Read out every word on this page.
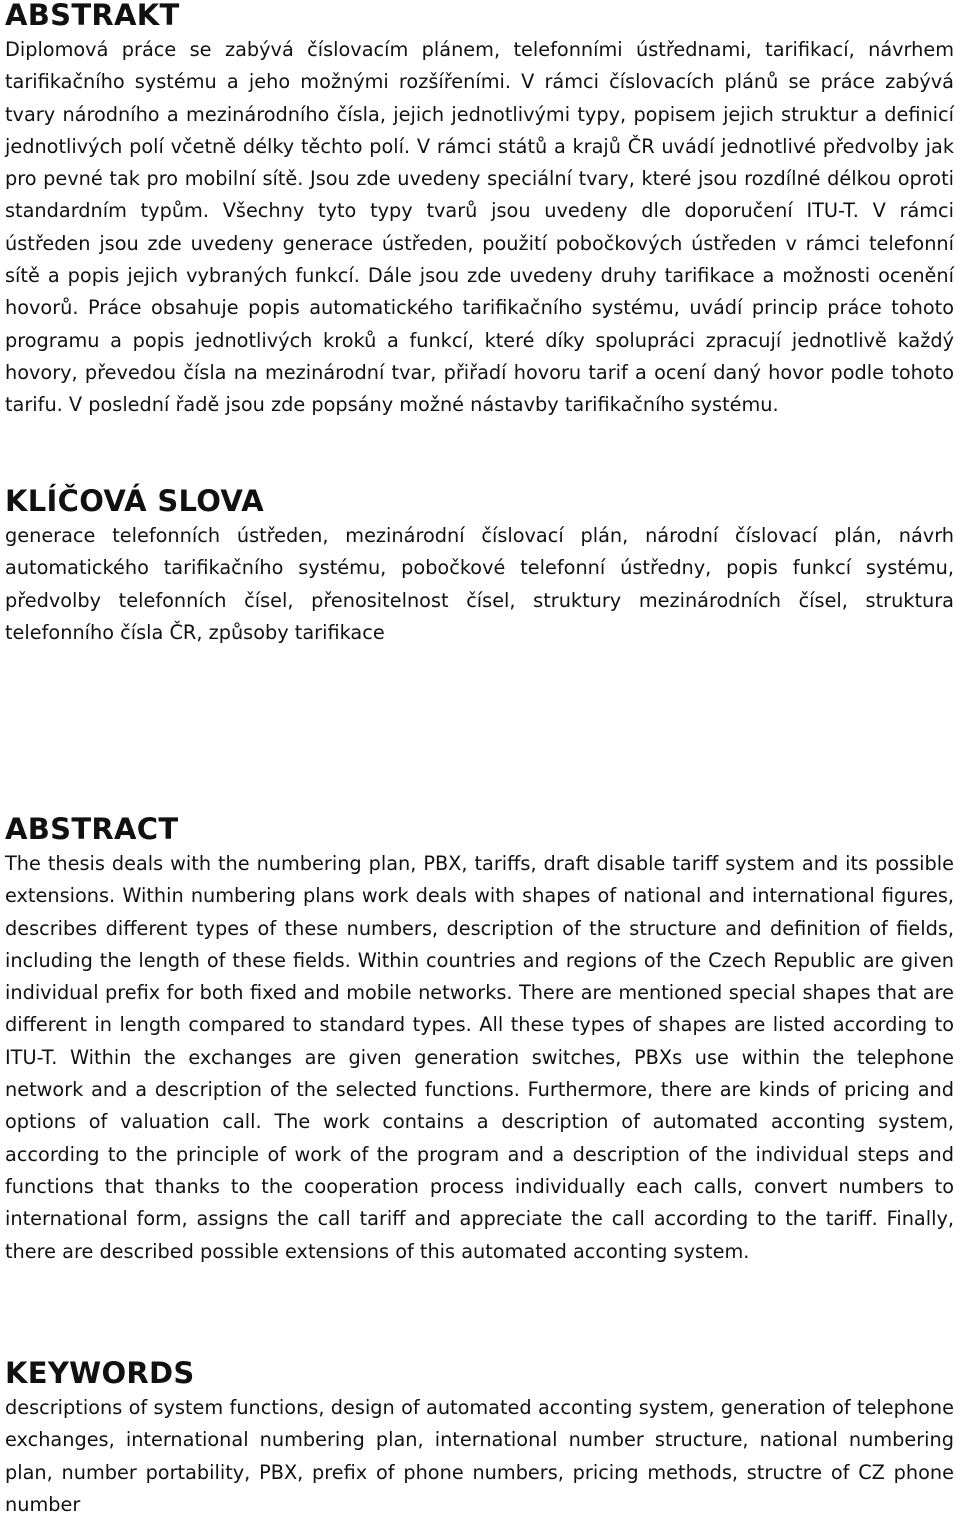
ABSTRAKT

Diplomová práce se zabývá číslovacím plánem, telefonními ústřednami, tarifikací, návrhem tarifikačního systému a jeho možnými rozšířeními. V rámci číslovacích plánů se práce zabývá tvary národního a mezinárodního čísla, jejich jednotlivými typy, popisem jejich struktur a definicí jednotlivých polí včetně délky těchto polí. V rámci států a krajů ČR uvádí jednotlivé předvolby jak pro pevné tak pro mobilní sítě. Jsou zde uvedeny speciální tvary, které jsou rozdílné délkou oproti standardním typům. Všechny tyto typy tvarů jsou uvedeny dle doporučení ITU-T. V rámci ústředen jsou zde uvedeny generace ústředen, použití pobočkových ústředen v rámci telefonní sítě a popis jejich vybraných funkcí. Dále jsou zde uvedeny druhy tarifikace a možnosti ocenění hovorů. Práce obsahuje popis automatického tarifikačního systému, uvádí princip práce tohoto programu a popis jednotlivých kroků a funkcí, které díky spolupráci zpracují jednotlivě každý hovory, převedou čísla na mezinárodní tvar, přiřadí hovoru tarif a ocení daný hovor podle tohoto tarifu. V poslední řadě jsou zde popsány možné nástavby tarifikačního systému.

KLÍČOVÁ SLOVA

generace telefonních ústředen, mezinárodní číslovací plán, národní číslovací plán, návrh automatického tarifikačního systému, pobočkové telefonní ústředny, popis funkcí systému, předvolby telefonních čísel, přenositelnost čísel, struktury mezinárodních čísel, struktura telefonního čísla ČR, způsoby tarifikace

ABSTRACT

The thesis deals with the numbering plan, PBX, tariffs, draft disable tariff system and its possible extensions. Within numbering plans work deals with shapes of national and international figures, describes different types of these numbers, description of the structure and definition of fields, including the length of these fields. Within countries and regions of the Czech Republic are given individual prefix for both fixed and mobile networks. There are mentioned special shapes that are different in length compared to standard types. All these types of shapes are listed according to ITU-T. Within the exchanges are given generation switches, PBXs use within the telephone network and a description of the selected functions. Furthermore, there are kinds of pricing and options of valuation call. The work contains a description of automated acconting system, according to the principle of work of the program and a description of the individual steps and functions that thanks to the cooperation process individually each calls, convert numbers to international form, assigns the call tariff and appreciate the call according to the tariff. Finally, there are described possible extensions of this automated acconting system.

KEYWORDS

descriptions of system functions, design of automated acconting system, generation of telephone exchanges, international numbering plan, international number structure, national numbering plan, number portability, PBX, prefix of phone numbers, pricing methods, structre of CZ phone number
